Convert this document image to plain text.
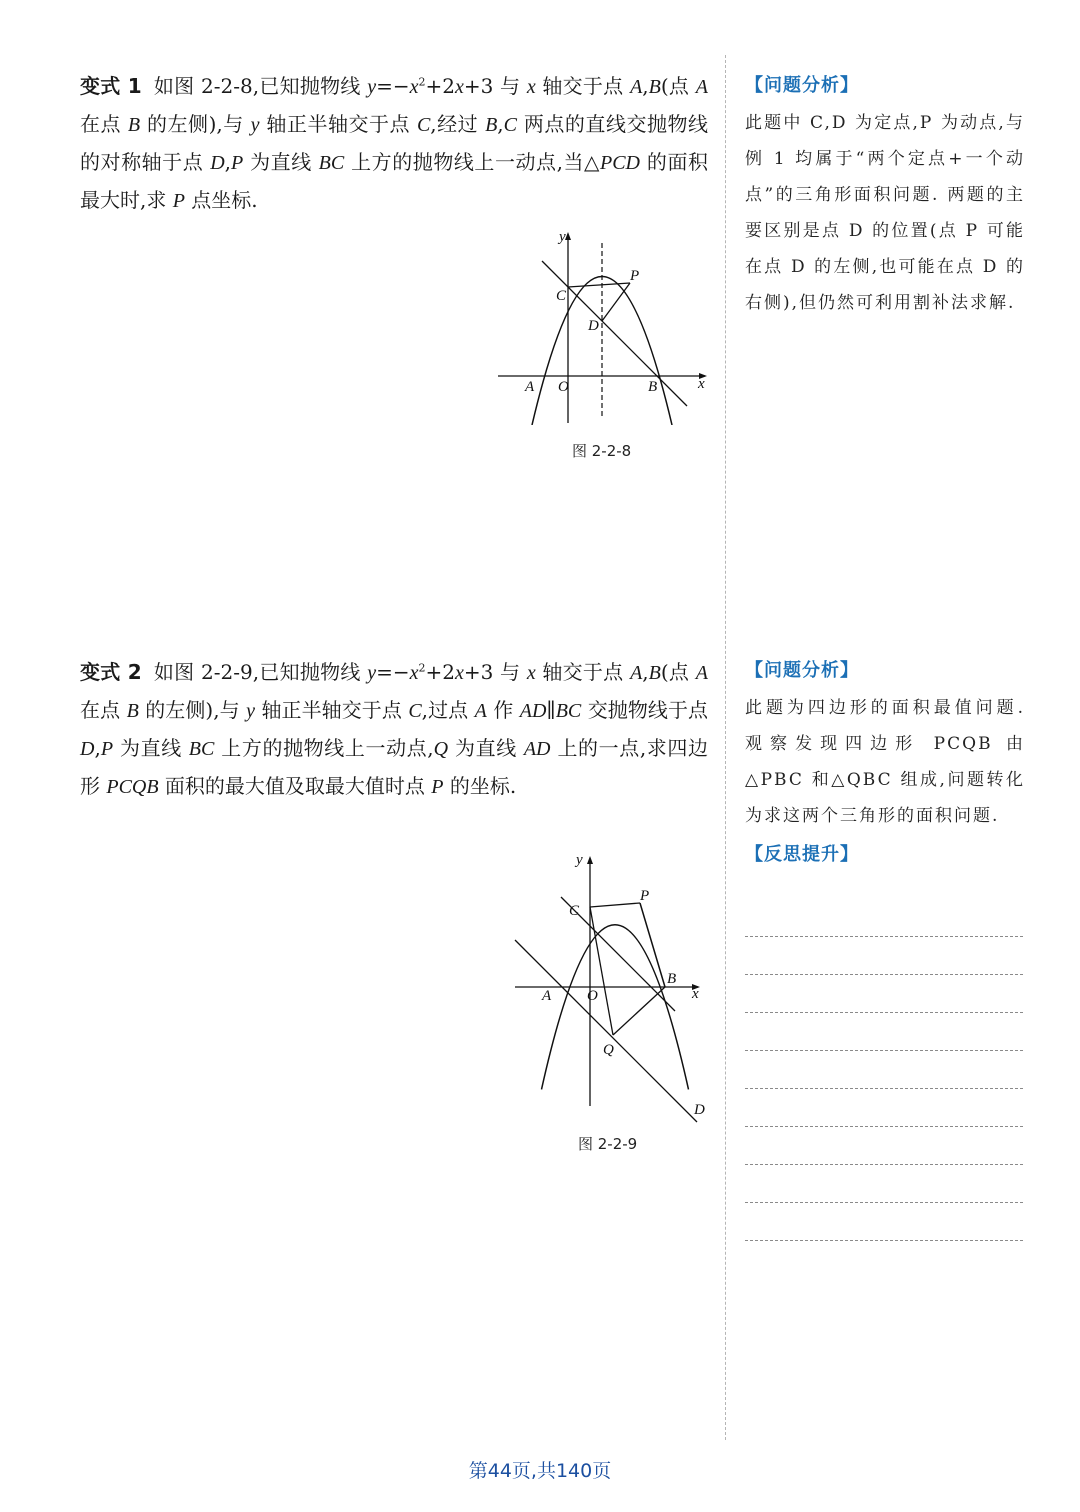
变式 1 如图 2-2-8,已知抛物线 $y=-x^2+2x+3$ 与 x 轴交于点 A,B(点 A 在点 B 的左侧),与 y 轴正半轴交于点 C,经过 B,C 两点的直线交抛物线的对称轴于点 D,P 为直线 BC 上方的抛物线上一动点,当△PCD 的面积最大时,求 P 点坐标.
y
x
O
A	B
C
D
P
图 2-2-8
【问题分析】
此题中 C,D 为定点,P 为动点,与例 1 均属于“两个定点+一个动点”的三角形面积问题. 两题的主要区别是点 D 的位置(点 P 可能在点 D 的左侧,也可能在点 D 的右侧),但仍然可利用割补法求解.
变式 2 如图 2-2-9,已知抛物线 $y=-x^2+2x+3$ 与 x 轴交于点 A,B(点 A 在点 B 的左侧),与 y 轴正半轴交于点 C,过点 A 作 AD∥BC 交抛物线于点 D,P 为直线 BC 上方的抛物线上一动点,Q 为直线 AD 上的一点,求四边形 PCQB 面积的最大值及取最大值时点 P 的坐标.
y
x
O
A
B
C
D
P
Q
图 2-2-9
【问题分析】
此题为四边形的面积最值问题. 观察发现四边形 PCQB 由△PBC 和△QBC 组成,问题转化为求这两个三角形的面积问题.
【反思提升】
第44页,共140页
